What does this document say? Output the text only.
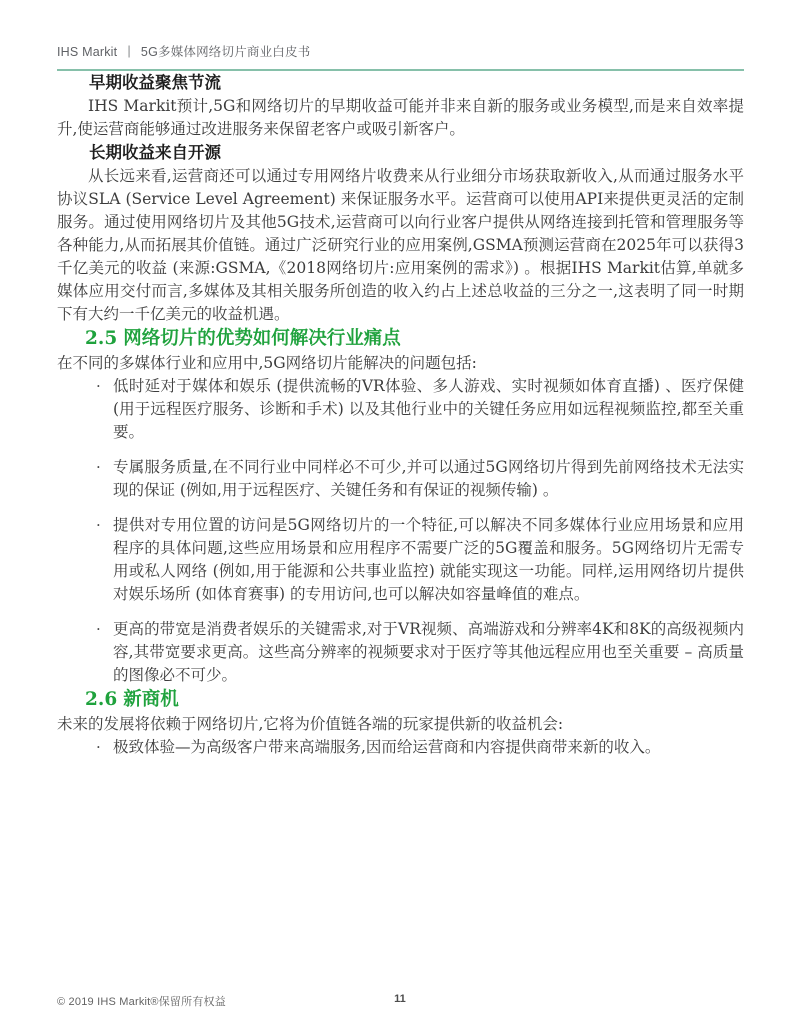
IHS Markit | 5G多媒体网络切片商业白皮书
早期收益聚焦节流

IHS Markit预计,5G和网络切片的早期收益可能并非来自新的服务或业务模型,而是来自效率提升,使运营商能够通过改进服务来保留老客户或吸引新客户。

长期收益来自开源

从长远来看,运营商还可以通过专用网络片收费来从行业细分市场获取新收入,从而通过服务水平协议SLA (Service Level Agreement) 来保证服务水平。运营商可以使用API来提供更灵活的定制服务。通过使用网络切片及其他5G技术,运营商可以向行业客户提供从网络连接到托管和管理服务等各种能力,从而拓展其价值链。通过广泛研究行业的应用案例,GSMA预测运营商在2025年可以获得3千亿美元的收益 (来源:GSMA,《2018网络切片:应用案例的需求》) 。根据IHS Markit估算,单就多媒体应用交付而言,多媒体及其相关服务所创造的收入约占上述总收益的三分之一,这表明了同一时期下有大约一千亿美元的收益机遇。

2.5 网络切片的优势如何解决行业痛点

在不同的多媒体行业和应用中,5G网络切片能解决的问题包括:

· 低时延对于媒体和娱乐 (提供流畅的VR体验、多人游戏、实时视频如体育直播) 、医疗保健 (用于远程医疗服务、诊断和手术) 以及其他行业中的关键任务应用如远程视频监控,都至关重要。
· 专属服务质量,在不同行业中同样必不可少,并可以通过5G网络切片得到先前网络技术无法实现的保证 (例如,用于远程医疗、关键任务和有保证的视频传输) 。
· 提供对专用位置的访问是5G网络切片的一个特征,可以解决不同多媒体行业应用场景和应用程序的具体问题,这些应用场景和应用程序不需要广泛的5G覆盖和服务。5G网络切片无需专用或私人网络 (例如,用于能源和公共事业监控) 就能实现这一功能。同样,运用网络切片提供对娱乐场所 (如体育赛事) 的专用访问,也可以解决如容量峰值的难点。
· 更高的带宽是消费者娱乐的关键需求,对于VR视频、高端游戏和分辨率4K和8K的高级视频内容,其带宽要求更高。这些高分辨率的视频要求对于医疗等其他远程应用也至关重要 – 高质量的图像必不可少。
2.6 新商机

未来的发展将依赖于网络切片,它将为价值链各端的玩家提供新的收益机会:

· 极致体验—为高级客户带来高端服务,因而给运营商和内容提供商带来新的收入。
© 2019 IHS Markit®保留所有权益	11
